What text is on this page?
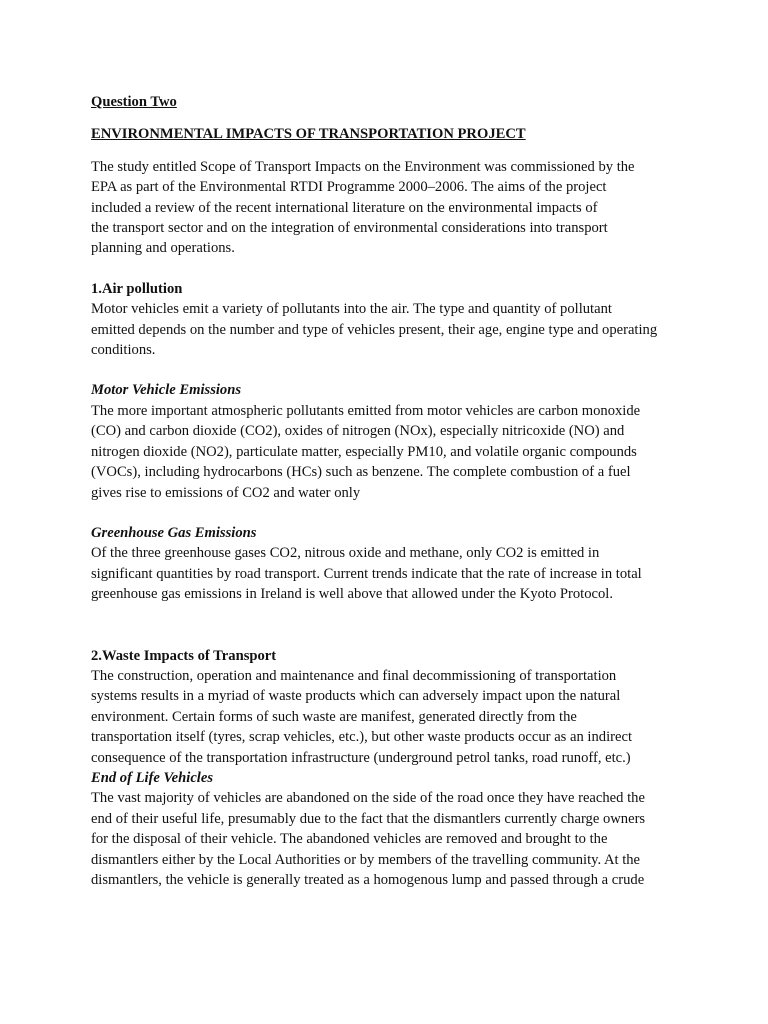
Question Two

ENVIRONMENTAL IMPACTS OF TRANSPORTATION PROJECT
The study entitled Scope of Transport Impacts on the Environment was commissioned by the
EPA as part of the Environmental RTDI Programme 2000–2006. The aims of the project
included a review of the recent international literature on the environmental impacts of
the transport sector and on the integration of environmental considerations into transport
planning and operations.
1.Air pollution
Motor vehicles emit a variety of pollutants into the air. The type and quantity of pollutant
emitted depends on the number and type of vehicles present, their age, engine type and operating
conditions.
Motor Vehicle Emissions
The more important atmospheric pollutants emitted from motor vehicles are carbon monoxide
(CO) and carbon dioxide (CO2), oxides of nitrogen (NOx), especially nitricoxide (NO) and
nitrogen dioxide (NO2), particulate matter, especially PM10, and volatile organic compounds
(VOCs), including hydrocarbons (HCs) such as benzene. The complete combustion of a fuel
gives rise to emissions of CO2 and water only
Greenhouse Gas Emissions
Of the three greenhouse gases CO2, nitrous oxide and methane, only CO2 is emitted in
significant quantities by road transport. Current trends indicate that the rate of increase in total
greenhouse gas emissions in Ireland is well above that allowed under the Kyoto Protocol.
2.Waste Impacts of Transport
The construction, operation and maintenance and final decommissioning of transportation
systems results in a myriad of waste products which can adversely impact upon the natural
environment. Certain forms of such waste are manifest, generated directly from the
transportation itself (tyres, scrap vehicles, etc.), but other waste products occur as an indirect
consequence of the transportation infrastructure (underground petrol tanks, road runoff, etc.)
End of Life Vehicles
The vast majority of vehicles are abandoned on the side of the road once they have reached the
end of their useful life, presumably due to the fact that the dismantlers currently charge owners
for the disposal of their vehicle. The abandoned vehicles are removed and brought to the
dismantlers either by the Local Authorities or by members of the travelling community. At the
dismantlers, the vehicle is generally treated as a homogenous lump and passed through a crude
